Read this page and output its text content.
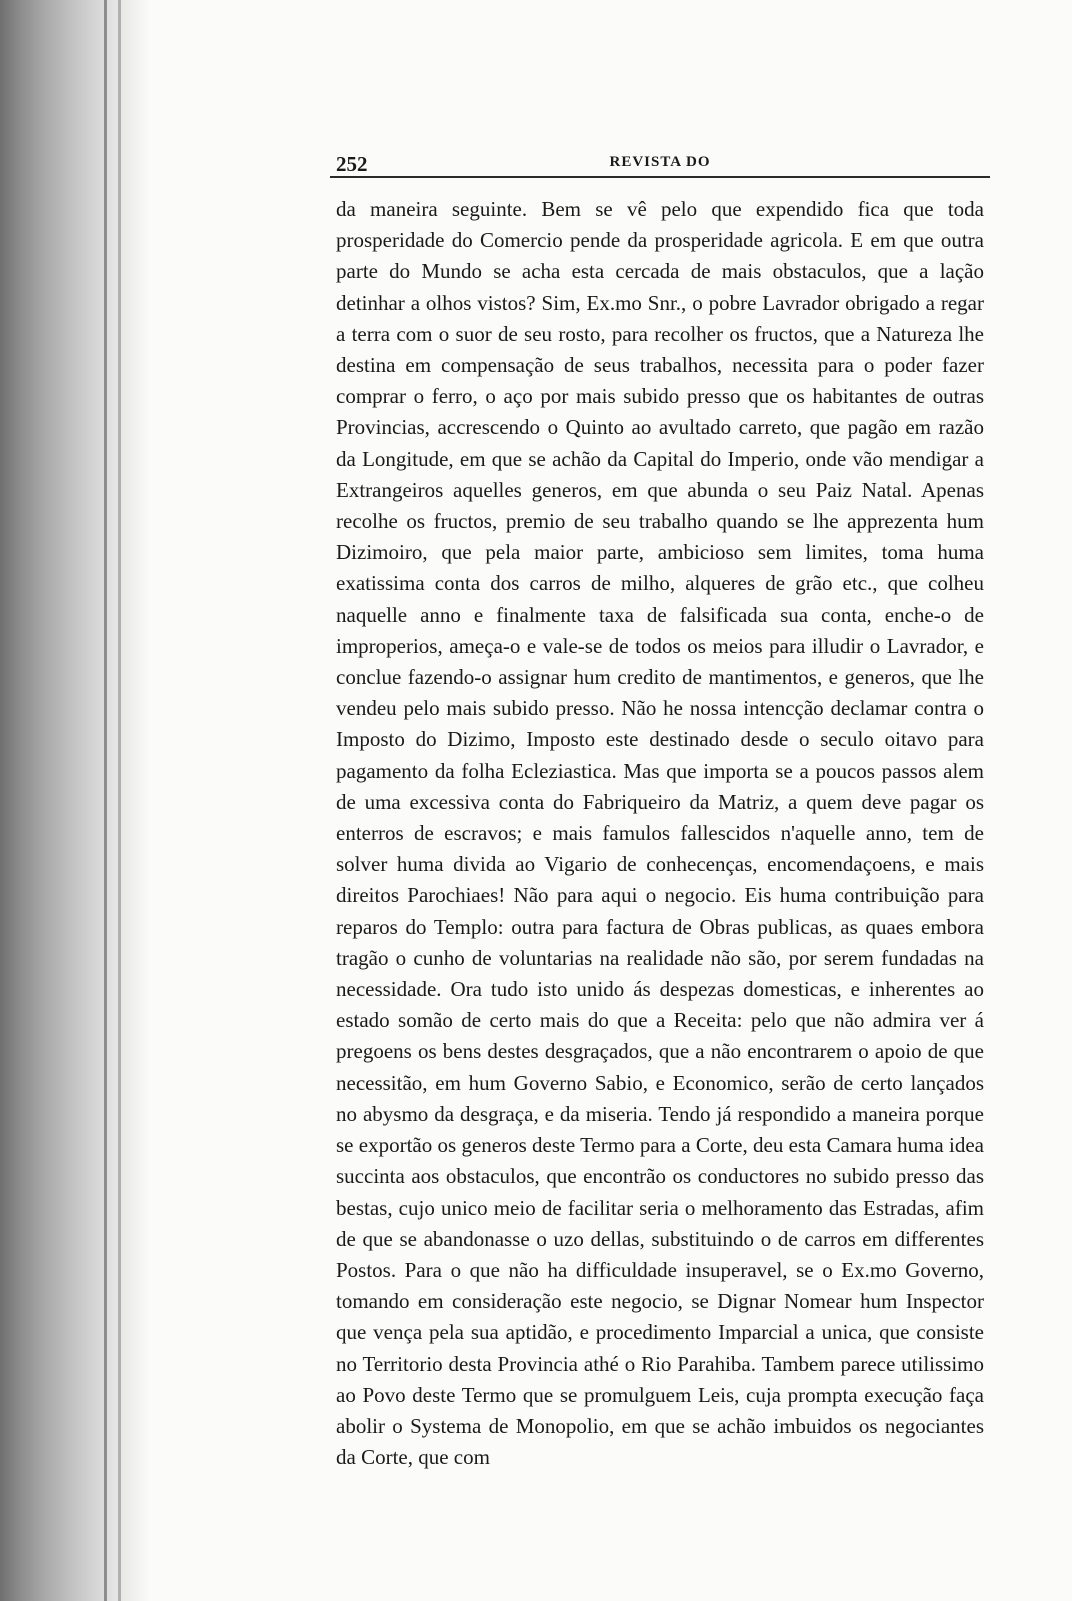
252	REVISTA DO

da maneira seguinte. Bem se vê pelo que expendido fica que toda prosperidade do Comercio pende da prosperidade agricola. E em que outra parte do Mundo se acha esta cercada de mais obstaculos, que a lação detinhar a olhos vistos? Sim, Ex.mo Snr., o pobre Lavrador obrigado a regar a terra com o suor de seu rosto, para recolher os fructos, que a Natureza lhe destina em compensação de seus trabalhos, necessita para o poder fazer comprar o ferro, o aço por mais subido presso que os habitantes de outras Provincias, accrescendo o Quinto ao avultado carreto, que pagão em razão da Longitude, em que se achão da Capital do Imperio, onde vão mendigar a Extrangeiros aquelles generos, em que abunda o seu Paiz Natal. Apenas recolhe os fructos, premio de seu trabalho quando se lhe apprezenta hum Dizimoiro, que pela maior parte, ambicioso sem limites, toma huma exatissima conta dos carros de milho, alqueres de grão etc., que colheu naquelle anno e finalmente taxa de falsificada sua conta, enche-o de improperios, ameça-o e vale-se de todos os meios para illudir o Lavrador, e conclue fazendo-o assignar hum credito de mantimentos, e generos, que lhe vendeu pelo mais subido presso. Não he nossa intencção declamar contra o Imposto do Dizimo, Imposto este destinado desde o seculo oitavo para pagamento da folha Ecleziastica. Mas que importa se a poucos passos alem de uma excessiva conta do Fabriqueiro da Matriz, a quem deve pagar os enterros de escravos; e mais famulos fallescidos n'aquelle anno, tem de solver huma divida ao Vigario de conhecenças, encomendaçoens, e mais direitos Parochiaes! Não para aqui o negocio. Eis huma contribuição para reparos do Templo: outra para factura de Obras publicas, as quaes embora tragão o cunho de voluntarias na realidade não são, por serem fundadas na necessidade. Ora tudo isto unido ás despezas domesticas, e inherentes ao estado somão de certo mais do que a Receita: pelo que não admira ver á pregoens os bens destes desgraçados, que a não encontrarem o apoio de que necessitão, em hum Governo Sabio, e Economico, serão de certo lançados no abysmo da desgraça, e da miseria. Tendo já respondido a maneira porque se exportão os generos deste Termo para a Corte, deu esta Camara huma idea succinta aos obstaculos, que encontrão os conductores no subido presso das bestas, cujo unico meio de facilitar seria o melhoramento das Estradas, afim de que se abandonasse o uzo dellas, substituindo o de carros em differentes Postos. Para o que não ha difficuldade insuperavel, se o Ex.mo Governo, tomando em consideração este negocio, se Dignar Nomear hum Inspector que vença pela sua aptidão, e procedimento Imparcial a unica, que consiste no Territorio desta Provincia athé o Rio Parahiba. Tambem parece utilissimo ao Povo deste Termo que se promulguem Leis, cuja prompta execução faça abolir o Systema de Monopolio, em que se achão imbuidos os negociantes da Corte, que com
